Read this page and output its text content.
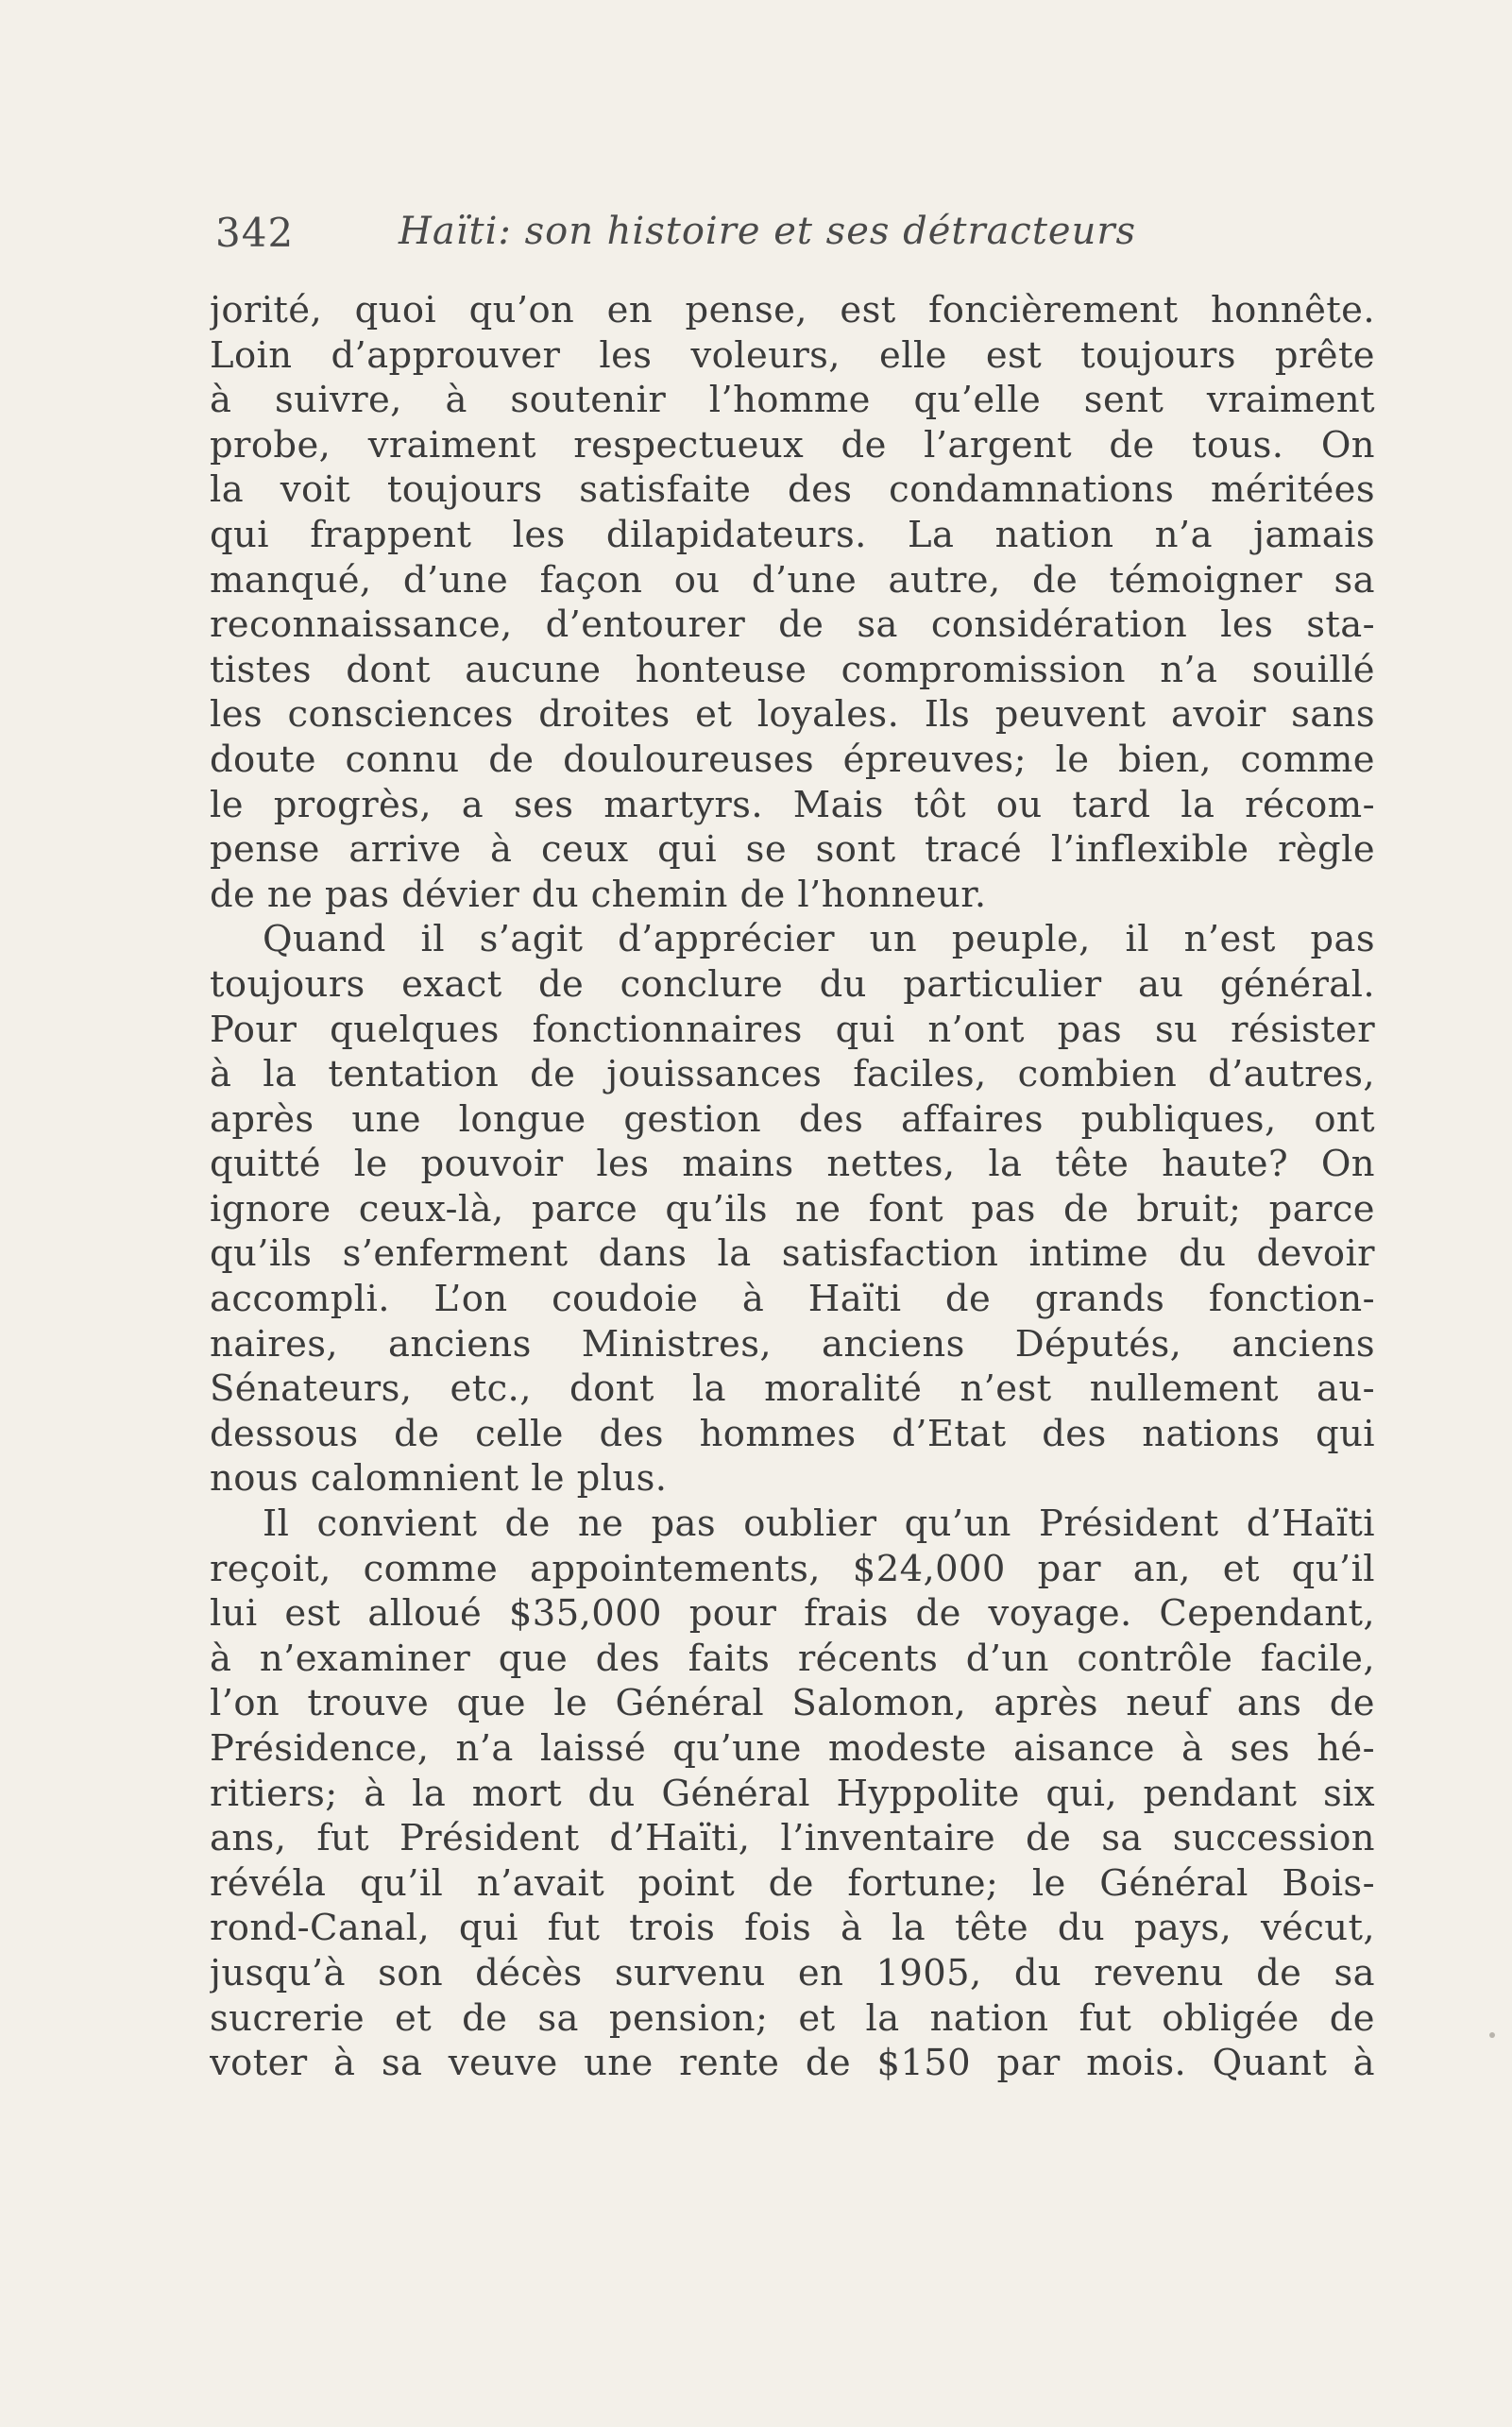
342	Haïti: son histoire et ses détracteurs
jorité, quoi qu’on en pense, est foncièrement honnête.
Loin d’approuver les voleurs, elle est toujours prête
à suivre, à soutenir l’homme qu’elle sent vraiment
probe, vraiment respectueux de l’argent de tous. On
la voit toujours satisfaite des condamnations méritées
qui frappent les dilapidateurs. La nation n’a jamais
manqué, d’une façon ou d’une autre, de témoigner sa
reconnaissance, d’entourer de sa considération les sta-
tistes dont aucune honteuse compromission n’a souillé
les consciences droites et loyales. Ils peuvent avoir sans
doute connu de douloureuses épreuves; le bien, comme
le progrès, a ses martyrs. Mais tôt ou tard la récom-
pense arrive à ceux qui se sont tracé l’inflexible règle
de ne pas dévier du chemin de l’honneur.
Quand il s’agit d’apprécier un peuple, il n’est pas
toujours exact de conclure du particulier au général.
Pour quelques fonctionnaires qui n’ont pas su résister
à la tentation de jouissances faciles, combien d’autres,
après une longue gestion des affaires publiques, ont
quitté le pouvoir les mains nettes, la tête haute? On
ignore ceux-là, parce qu’ils ne font pas de bruit; parce
qu’ils s’enferment dans la satisfaction intime du devoir
accompli. L’on coudoie à Haïti de grands fonction-
naires, anciens Ministres, anciens Députés, anciens
Sénateurs, etc., dont la moralité n’est nullement au-
dessous de celle des hommes d’Etat des nations qui
nous calomnient le plus.
Il convient de ne pas oublier qu’un Président d’Haïti
reçoit, comme appointements, $24,000 par an, et qu’il
lui est alloué $35,000 pour frais de voyage. Cependant,
à n’examiner que des faits récents d’un contrôle facile,
l’on trouve que le Général Salomon, après neuf ans de
Présidence, n’a laissé qu’une modeste aisance à ses hé-
ritiers; à la mort du Général Hyppolite qui, pendant six
ans, fut Président d’Haïti, l’inventaire de sa succession
révéla qu’il n’avait point de fortune; le Général Bois-
rond-Canal, qui fut trois fois à la tête du pays, vécut,
jusqu’à son décès survenu en 1905, du revenu de sa
sucrerie et de sa pension; et la nation fut obligée de
voter à sa veuve une rente de $150 par mois. Quant à
